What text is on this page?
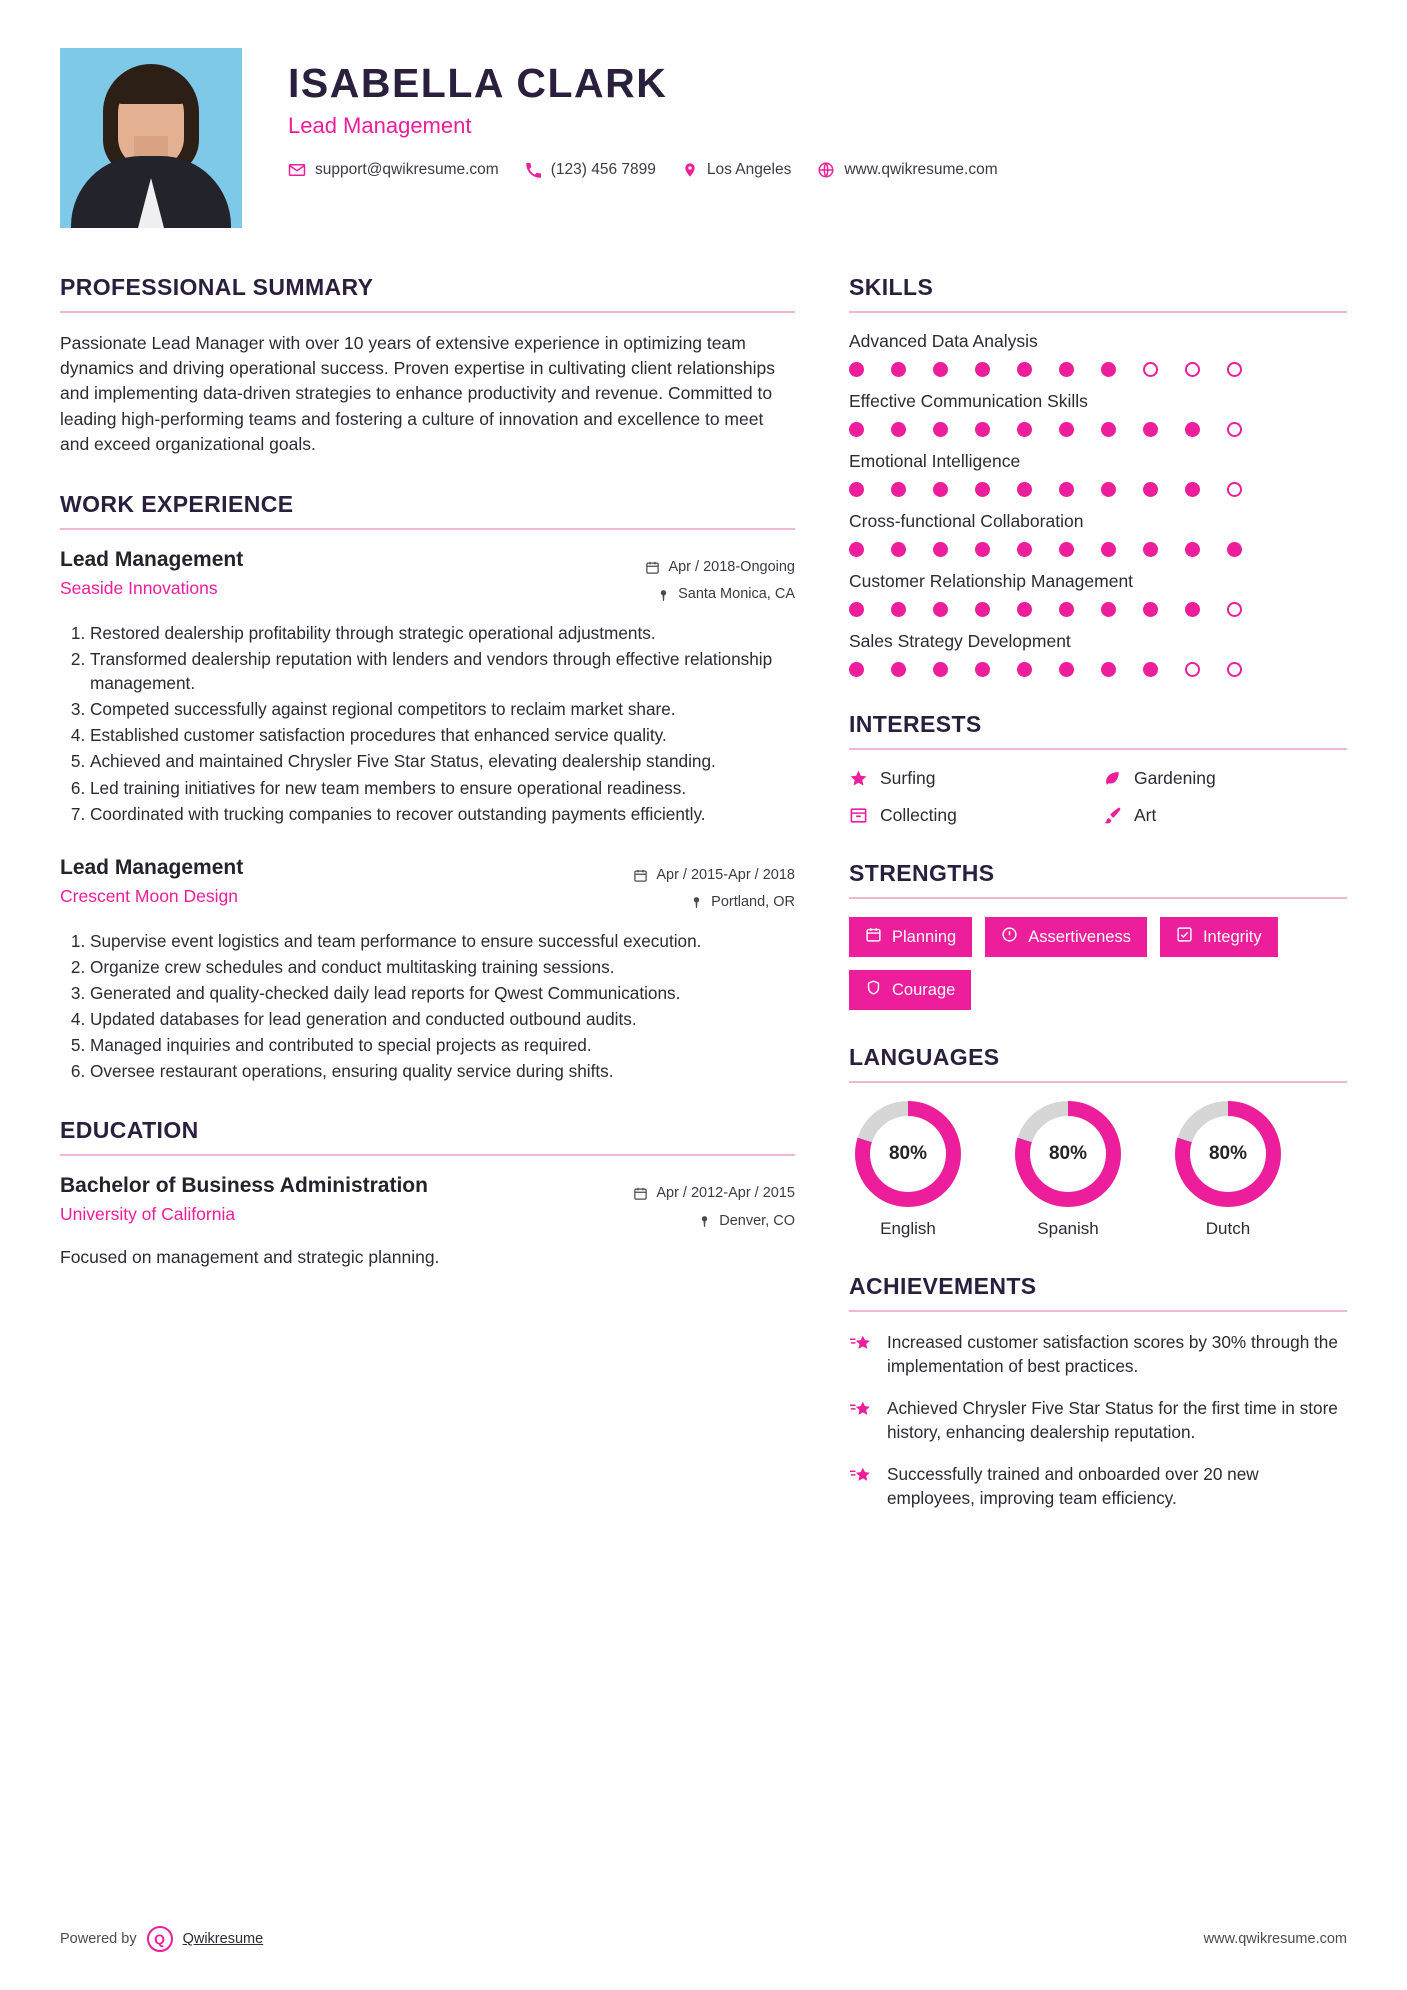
ISABELLA CLARK
Lead Management
support@qwikresume.com	(123) 456 7899	Los Angeles	www.qwikresume.com
PROFESSIONAL SUMMARY

Passionate Lead Manager with over 10 years of extensive experience in optimizing team dynamics and driving operational success. Proven expertise in cultivating client relationships and implementing data-driven strategies to enhance productivity and revenue. Committed to leading high-performing teams and fostering a culture of innovation and excellence to meet and exceed organizational goals.

WORK EXPERIENCE
Lead Management
Seaside Innovations
Apr / 2018-Ongoing
Santa Monica, CA
1. Restored dealership profitability through strategic operational adjustments.
2. Transformed dealership reputation with lenders and vendors through effective relationship management.
3. Competed successfully against regional competitors to reclaim market share.
4. Established customer satisfaction procedures that enhanced service quality.
5. Achieved and maintained Chrysler Five Star Status, elevating dealership standing.
6. Led training initiatives for new team members to ensure operational readiness.
7. Coordinated with trucking companies to recover outstanding payments efficiently.
Lead Management
Crescent Moon Design
Apr / 2015-Apr / 2018
Portland, OR
1. Supervise event logistics and team performance to ensure successful execution.
2. Organize crew schedules and conduct multitasking training sessions.
3. Generated and quality-checked daily lead reports for Qwest Communications.
4. Updated databases for lead generation and conducted outbound audits.
5. Managed inquiries and contributed to special projects as required.
6. Oversee restaurant operations, ensuring quality service during shifts.
EDUCATION
Bachelor of Business Administration
University of California
Apr / 2012-Apr / 2015
Denver, CO
Focused on management and strategic planning.
SKILLS
Advanced Data Analysis
Effective Communication Skills
Emotional Intelligence
Cross-functional Collaboration
Customer Relationship Management
Sales Strategy Development
INTERESTS
Surfing	Gardening
Collecting	Art
STRENGTHS
Planning	Assertiveness	Integrity
Courage
LANGUAGES
80%
English
80%
Spanish
80%
Dutch
ACHIEVEMENTS
Increased customer satisfaction scores by 30% through the implementation of best practices.
Achieved Chrysler Five Star Status for the first time in store history, enhancing dealership reputation.
Successfully trained and onboarded over 20 new employees, improving team efficiency.
Powered by	Q	Qwikresume	www.qwikresume.com
